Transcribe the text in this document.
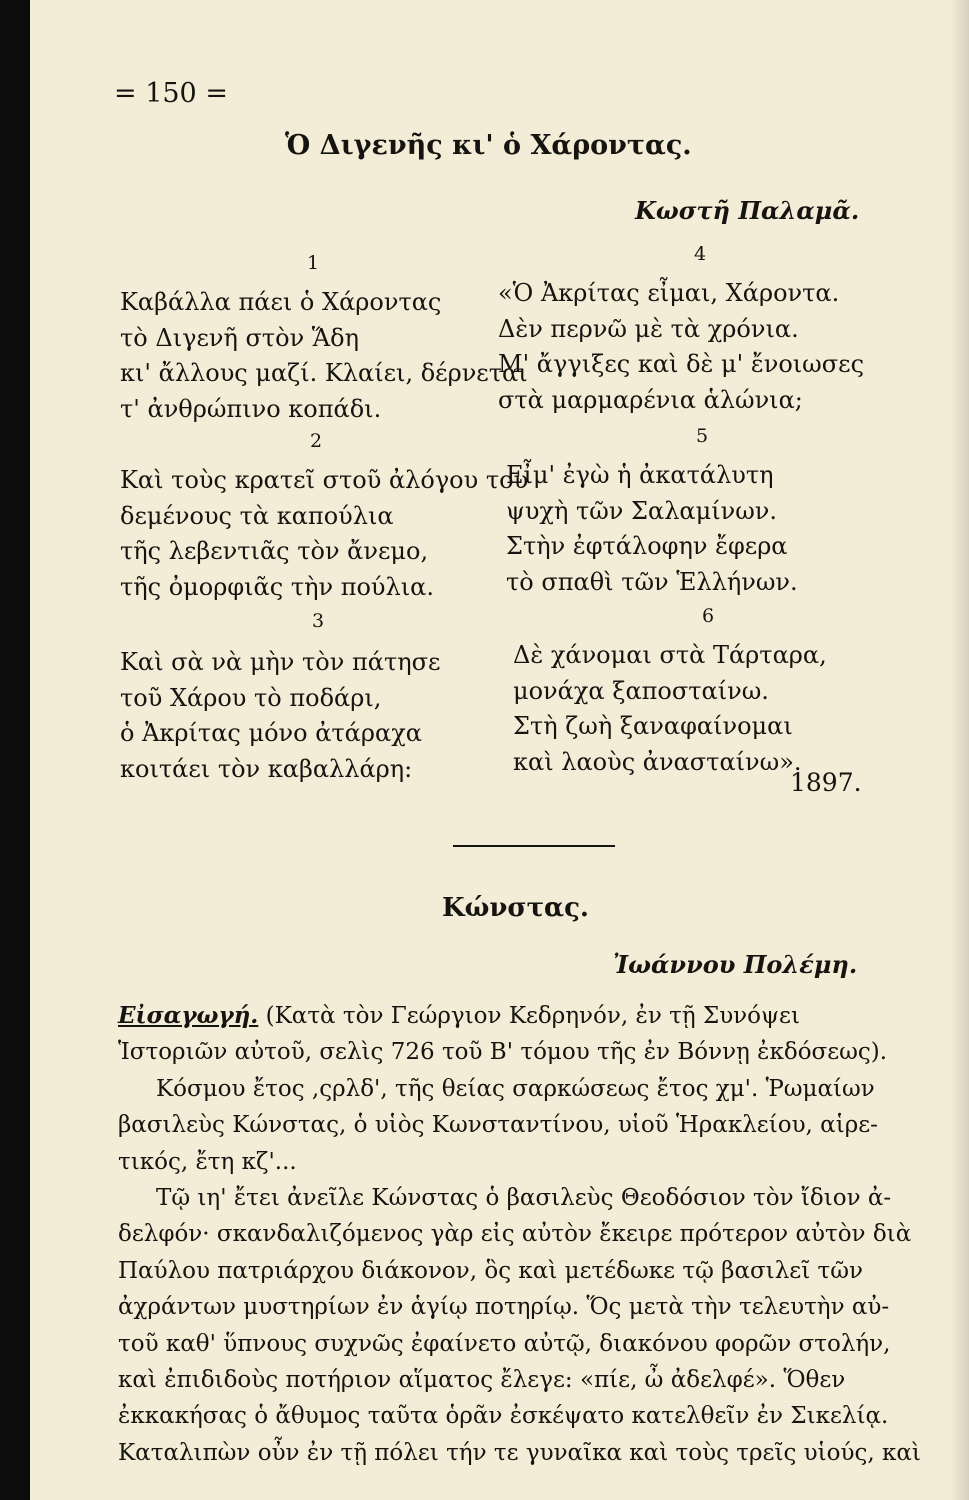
= 150 =
Ὁ Διγενῆς κι' ὁ Χάροντας.
Κωστῆ Παλαμᾶ.
1
Καβάλλα πάει ὁ Χάροντας
τὸ Διγενῆ στὸν Ἅδη
κι' ἄλλους μαζί. Κλαίει, δέρνεται
τ' ἀνθρώπινο κοπάδι.
2
Καὶ τοὺς κρατεῖ στοῦ ἀλόγου του
δεμένους τὰ καπούλια
τῆς λεβεντιᾶς τὸν ἄνεμο,
τῆς ὀμορφιᾶς τὴν πούλια.
3
Καὶ σὰ νὰ μὴν τὸν πάτησε
τοῦ Χάρου τὸ ποδάρι,
ὁ Ἀκρίτας μόνο ἀτάραχα
κοιτάει τὸν καβαλλάρη:
4
«Ὁ Ἀκρίτας εἶμαι, Χάροντα.
Δὲν περνῶ μὲ τὰ χρόνια.
Μ' ἄγγιξες καὶ δὲ μ' ἔνοιωσες
στὰ μαρμαρένια ἁλώνια;
5
Εἶμ' ἐγὼ ἡ ἀκατάλυτη
ψυχὴ τῶν Σαλαμίνων.
Στὴν ἐφτάλοφην ἔφερα
τὸ σπαθὶ τῶν Ἑλλήνων.
6
Δὲ χάνομαι στὰ Τάρταρα,
μονάχα ξαποσταίνω.
Στὴ ζωὴ ξαναφαίνομαι
καὶ λαοὺς ἀνασταίνω».
1897.
Κώνστας.
Ἰωάννου Πολέμη.
Εἰσαγωγή. (Κατὰ τὸν Γεώργιον Κεδρηνόν, ἐν τῇ Συνόψει
Ἱστοριῶν αὐτοῦ, σελὶς 726 τοῦ Β' τόμου τῆς ἐν Βόννῃ ἐκδόσεως).
Κόσμου ἔτος ,ςρλδ', τῆς θείας σαρκώσεως ἔτος χμ'. Ῥωμαίων
βασιλεὺς Κώνστας, ὁ υἱὸς Κωνσταντίνου, υἱοῦ Ἡρακλείου, αἱρε-
τικός, ἔτη κζ'...
Τῷ ιη' ἔτει ἀνεῖλε Κώνστας ὁ βασιλεὺς Θεοδόσιον τὸν ἴδιον ἀ-
δελφόν· σκανδαλιζόμενος γὰρ εἰς αὐτὸν ἔκειρε πρότερον αὐτὸν διὰ
Παύλου πατριάρχου διάκονον, ὃς καὶ μετέδωκε τῷ βασιλεῖ τῶν
ἀχράντων μυστηρίων ἐν ἁγίῳ ποτηρίῳ. Ὅς μετὰ τὴν τελευτὴν αὐ-
τοῦ καθ' ὕπνους συχνῶς ἐφαίνετο αὐτῷ, διακόνου φορῶν στολήν,
καὶ ἐπιδιδοὺς ποτήριον αἵματος ἔλεγε: «πίε, ὦ ἀδελφέ». Ὅθεν
ἐκκακήσας ὁ ἄθυμος ταῦτα ὁρᾶν ἐσκέψατο κατελθεῖν ἐν Σικελίᾳ.
Καταλιπὼν οὖν ἐν τῇ πόλει τήν τε γυναῖκα καὶ τοὺς τρεῖς υἱούς, καὶ
